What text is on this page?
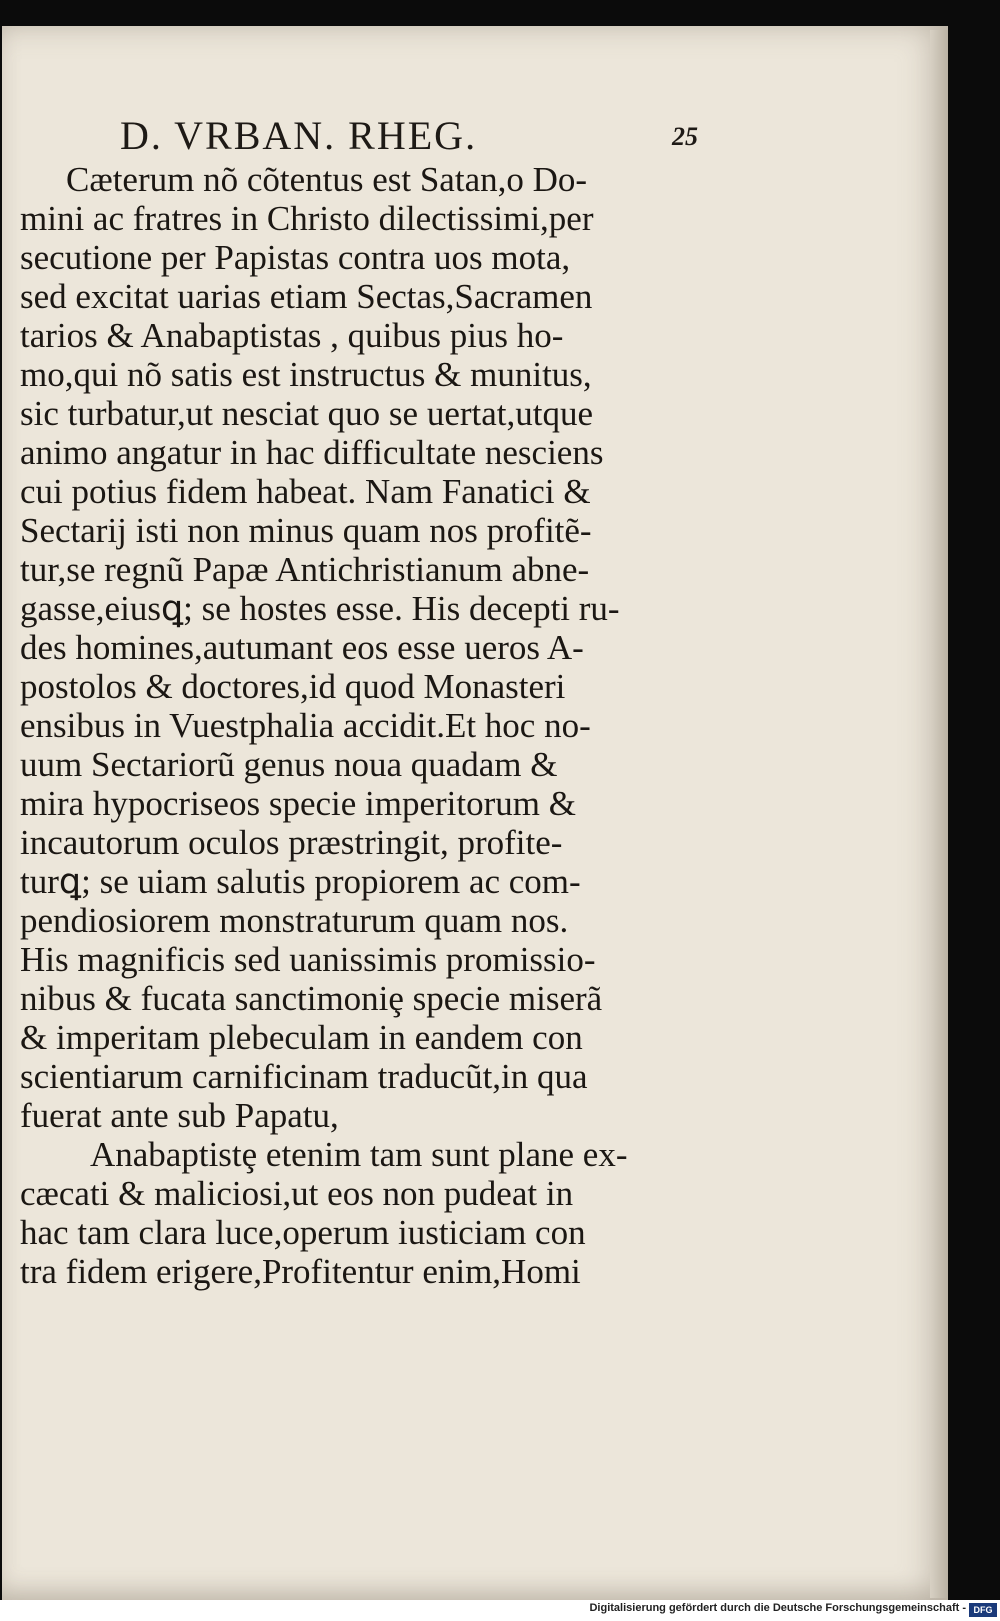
D. VRBAN. RHEG.	25
Cæterum nõ cõtentus est Satan,o Do-
mini ac fratres in Christo dilectissimi,per
secutione per Papistas contra uos mota,
sed excitat uarias etiam Sectas,Sacramen
tarios & Anabaptistas , quibus pius ho-
mo,qui nõ satis est instructus & munitus,
sic turbatur,ut nesciat quo se uertat,utque
animo angatur in hac difficultate nesciens
cui potius fidem habeat. Nam Fanatici &
Sectarij isti non minus quam nos profitẽ-
tur,se regnũ Papæ Antichristianum abne-
gasse,eiusꝗ; se hostes esse. His decepti ru-
des homines,autumant eos esse ueros A-
postolos & doctores,id quod Monasteri
ensibus in Vuestphalia accidit.Et hoc no-
uum Sectariorũ genus noua quadam &
mira hypocriseos specie imperitorum &
incautorum oculos præstringit, profite-
turꝗ; se uiam salutis propiorem ac com-
pendiosiorem monstraturum quam nos.
His magnificis sed uanissimis promissio-
nibus & fucata sanctimoniȩ specie miserã
& imperitam plebeculam in eandem con
scientiarum carnificinam traducũt,in qua
fuerat ante sub Papatu,
Anabaptistȩ etenim tam sunt plane ex-
cæcati & maliciosi,ut eos non pudeat in
hac tam clara luce,operum iusticiam con
tra fidem erigere,Profitentur enim,Homi
Digitalisierung gefördert durch die Deutsche Forschungsgemeinschaft - DFG
